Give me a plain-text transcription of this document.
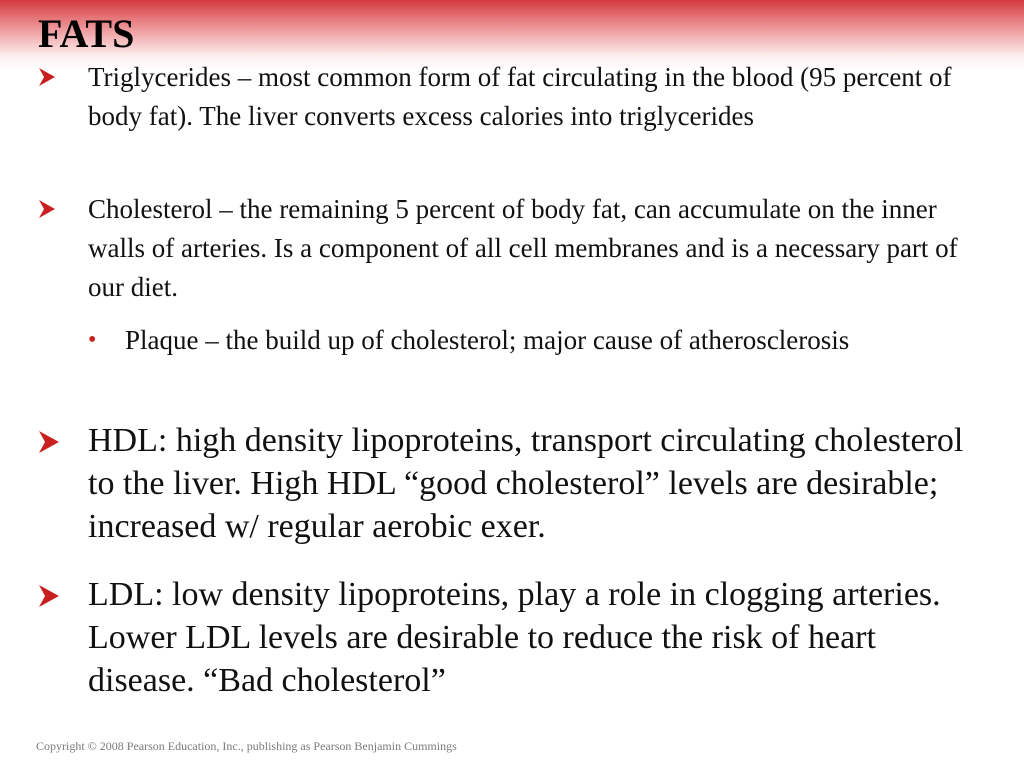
FATS
Triglycerides – most common form of fat circulating in the blood (95 percent of body fat). The liver converts excess calories into triglycerides
Cholesterol – the remaining 5 percent of body fat, can accumulate on the inner walls of arteries. Is a component of all cell membranes and is a necessary part of our diet.
• Plaque – the build up of cholesterol; major cause of atherosclerosis
HDL: high density lipoproteins, transport circulating cholesterol to the liver. High HDL “good cholesterol” levels are desirable; increased w/ regular aerobic exer.
LDL: low density lipoproteins, play a role in clogging arteries. Lower LDL levels are desirable to reduce the risk of heart disease. “Bad cholesterol”
Copyright © 2008 Pearson Education, Inc., publishing as Pearson Benjamin Cummings
